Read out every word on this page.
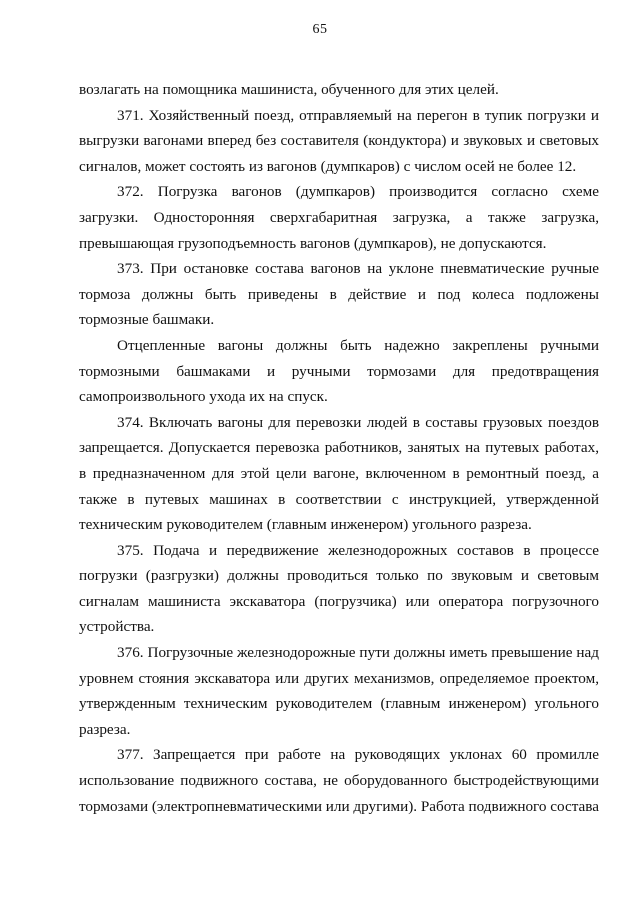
65

возлагать на помощника машиниста, обученного для этих целей.

371. Хозяйственный поезд, отправляемый на перегон в тупик погрузки и выгрузки вагонами вперед без составителя (кондуктора) и звуковых и световых сигналов, может состоять из вагонов (думпкаров) с числом осей не более 12.

372. Погрузка вагонов (думпкаров) производится согласно схеме загрузки. Односторонняя сверхгабаритная загрузка, а также загрузка, превышающая грузоподъемность вагонов (думпкаров), не допускаются.

373. При остановке состава вагонов на уклоне пневматические ручные тормоза должны быть приведены в действие и под колеса подложены тормозные башмаки.

Отцепленные вагоны должны быть надежно закреплены ручными тормозными башмаками и ручными тормозами для предотвращения самопроизвольного ухода их на спуск.

374. Включать вагоны для перевозки людей в составы грузовых поездов запрещается. Допускается перевозка работников, занятых на путевых работах, в предназначенном для этой цели вагоне, включенном в ремонтный поезд, а также в путевых машинах в соответствии с инструкцией, утвержденной техническим руководителем (главным инженером) угольного разреза.

375. Подача и передвижение железнодорожных составов в процессе погрузки (разгрузки) должны проводиться только по звуковым и световым сигналам машиниста экскаватора (погрузчика) или оператора погрузочного устройства.

376. Погрузочные железнодорожные пути должны иметь превышение над уровнем стояния экскаватора или других механизмов, определяемое проектом, утвержденным техническим руководителем (главным инженером) угольного разреза.

377. Запрещается при работе на руководящих уклонах 60 промилле использование подвижного состава, не оборудованного быстродействующими тормозами (электропневматическими или другими). Работа подвижного состава
